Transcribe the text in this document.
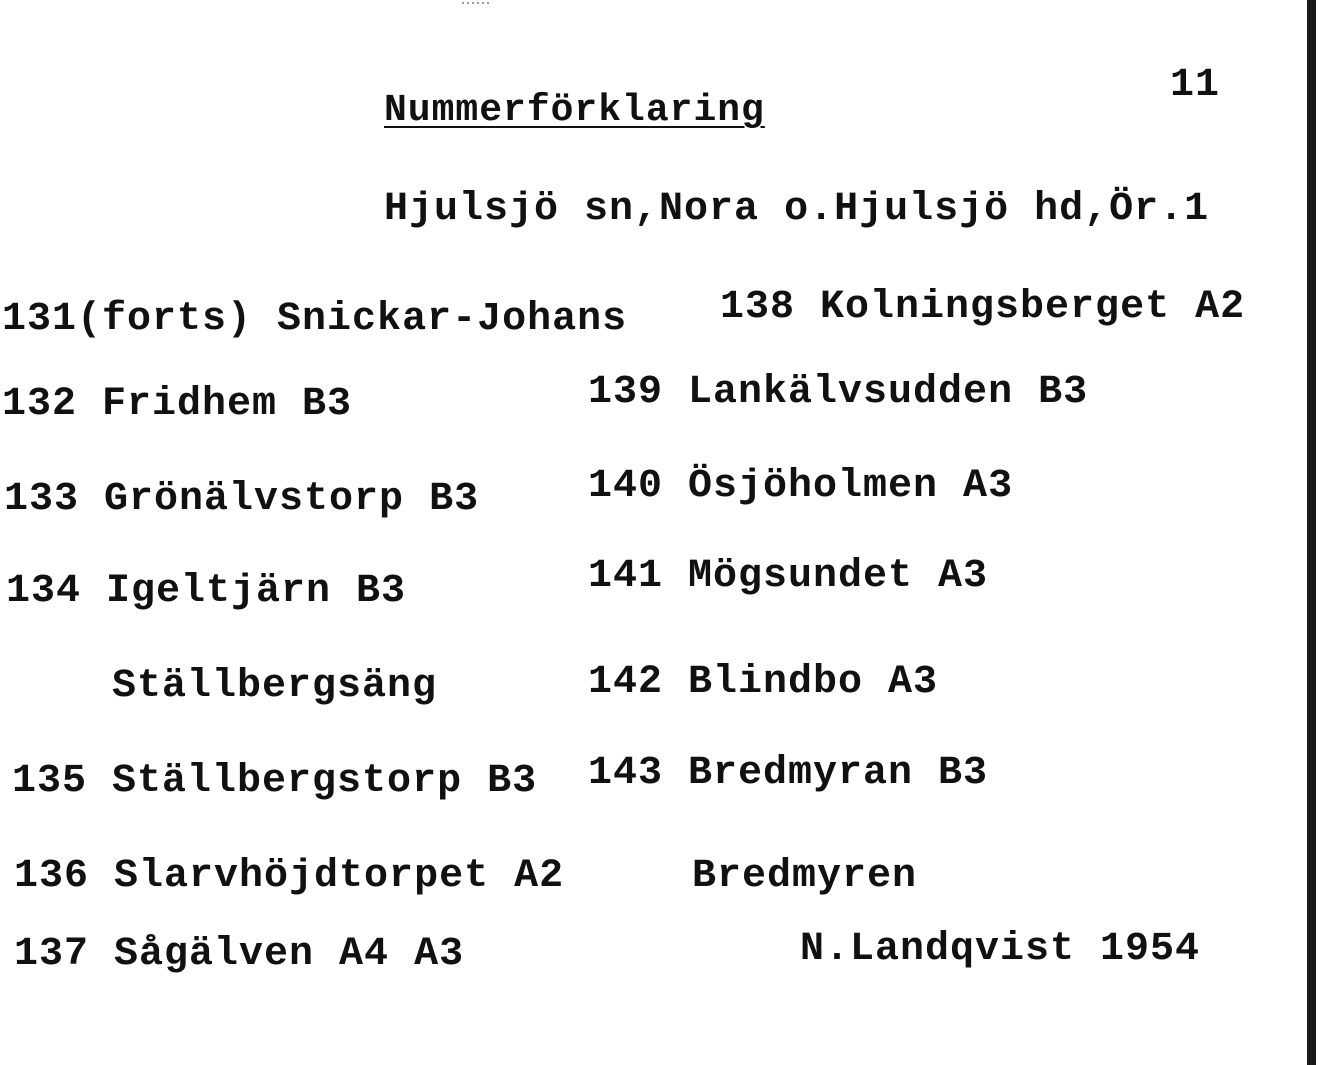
11
Nummerförklaring
Hjulsjö sn,Nora o.Hjulsjö hd,Ör.1
131(forts) Snickar-Johans
132 Fridhem B3
133 Grönälvstorp B3
134 Igeltjärn B3
Ställbergsäng
135 Ställbergstorp B3
136 Slarvhöjdtorpet A2
137 Sågälven A4 A3
138 Kolningsberget A2
139 Lankälvsudden B3
140 Ösjöholmen A3
141 Mögsundet A3
142 Blindbo A3
143 Bredmyran B3
Bredmyren
N.Landqvist 1954
